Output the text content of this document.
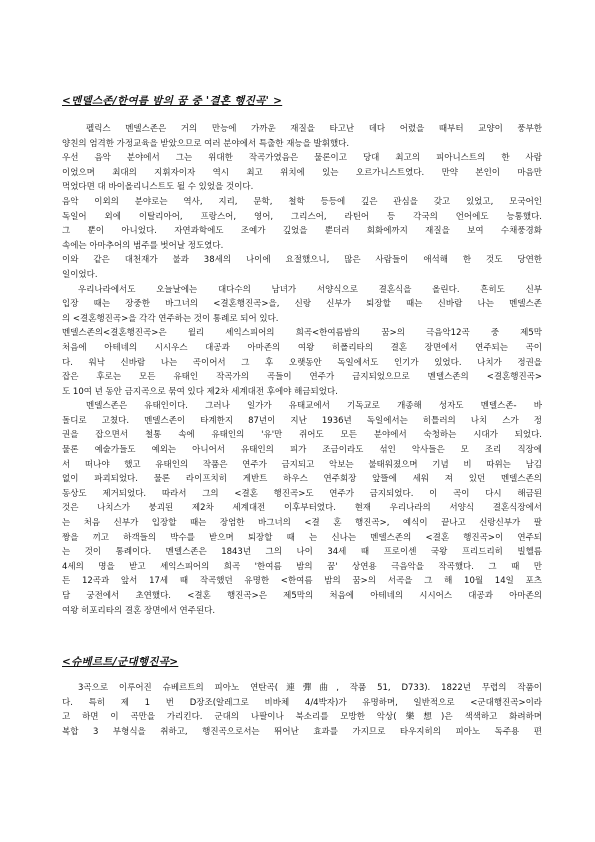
<멘델스존/한여름 밤의 꿈 중 '결혼 행진곡' >
펠릭스 멘델스존은 거의 만능에 가까운 재질을 타고난 데다 어렸을 때부터 교양이 풍부한
양친의 엄격한 가정교육을 받았으므로 여러 분야에서 특출한 재능을 발휘했다.
우선 음악 분야에서 그는 위대한 작곡가였음은 물론이고 당대 최고의 피아니스트의 한 사람
이었으며 최대의 지휘자이자 역시 최고 위치에 있는 오르가니스트였다. 만약 본인이 마음만
먹었다면 대 바이올리니스트도 될 수 있었을 것이다.
음악 이외의 분야로는 역사, 지리, 문학, 철학 등등에 깊은 관심을 갖고 있었고, 모국어인
독일어 외에 이탈리아어, 프랑스어, 영어, 그리스어, 라틴어 등 각국의 언어에도 능통했다.
그 뿐이 아니었다. 자연과학에도 조예가 깊었을 뿐더러 회화에까지 재질을 보여 수채풍경화
속에는 아마추어의 범주를 벗어날 정도였다.
이와 같은 대천재가 불과 38세의 나이에 요절했으니, 많은 사람들이 애석해 한 것도 당연한
일이었다.
우리나라에서도 오늘날에는 대다수의 남녀가 서양식으로 결혼식을 올린다. 흔히도 신부
입장 때는 장중한 바그너의 <결혼행진곡>을, 신랑 신부가 퇴장할 때는 신바람 나는 멘델스존
의 <결혼행진곡>을 각각 연주하는 것이 통례로 되어 있다.
멘델스존의<결혼행진곡>은 윌리 셰익스피어의 희곡<한여름밤의 꿈>의 극음악12곡 중 제5막
처음에 아테네의 시시우스 대공과 아마존의 여왕 히폴리타의 결혼 장면에서 연주되는 곡이
다. 워낙 신바람 나는 곡이어서 그 후 오랫동안 독일에서도 인기가 있었다. 나치가 정권을
잡은 후로는 모든 유태인 작곡가의 곡들이 연주가 금지되었으므로 멘델스존의 <결혼행진곡>
도 10여 년 동안 금지곡으로 묶여 있다 제2차 세계대전 후에야 해금되었다.
멘델스존은 유태인이다. 그러나 일가가 유태교에서 기독교로 개종해 성자도 멘델스존- 바
돌디로 고쳤다. 멘델스존이 타계한지 87년이 지난 1936년 독일에서는 히틀러의 나치 스가 정
권을 잡으면서 철통 속에 유태인의 '유'만 쥐어도 모든 분야에서 숙청하는 시대가 되었다.
물론 예술가들도 예외는 아니어서 유태인의 피가 조금이라도 섞인 악사들은 모 조리 직장에
서 떠나야 했고 유태인의 작품은 연주가 금지되고 악보는 불태워졌으며 기념 비 따위는 남김
없이 파괴되었다. 물론 라이프치히 게반트 하우스 연주회장 앞뜰에 세워 져 있던 멘델스존의
동상도 제거되었다. 따라서 그의 <결혼 행진곡>도 연주가 금지되었다. 이 곡이 다시 해금된
것은 나치스가 붕괴된 제2차 세계대전 이후부터였다. 현재 우리나라의 서양식 결혼식장에서
는 처음 신부가 입장할 때는 장엄한 바그너의 <결 혼 행진곡>, 예식이 끝나고 신랑신부가 팔
짱을 끼고 하객들의 박수를 받으며 퇴장할 때 는 신나는 멘델스존의 <결혼 행진곡>이 연주되
는 것이 통례이다. 멘델스존은 1843년 그의 나이 34세 때 프로이센 국왕 프리드리히 빌헬름
4세의 명을 받고 셰익스피어의 희곡 '한여름 밤의 꿈' 상연용 극음악을 작곡했다. 그 때 만
든 12곡과 앞서 17세 때 작곡했던 유명한 <한여름 밤의 꿈>의 서곡을 그 해 10월 14일 포츠
담 궁전에서 초연했다. <결혼 행진곡>은 제5막의 처음에 아테네의 시시어스 대공과 아마존의
여왕 히포리타의 결혼 장면에서 연주된다.
<슈베르트/군대행진곡>
3곡으로 이루어진 슈베르트의 피아노 연탄곡(連彈曲, 작품 51, D733). 1822년 무렵의 작품이
다. 특히 제 1 번 D장조(알레그로 비바체 4/4박자)가 유명하며, 일반적으로 <군대행진곡>이라
고 하면 이 곡만을 가리킨다. 군대의 나팔이나 북소리를 모방한 악상(樂想)은 색색하고 화려하며
복합 3 부형식을 취하고, 행진곡으로서는 뛰어난 효과를 가지므로 타우지히의 피아노 독주용 편
